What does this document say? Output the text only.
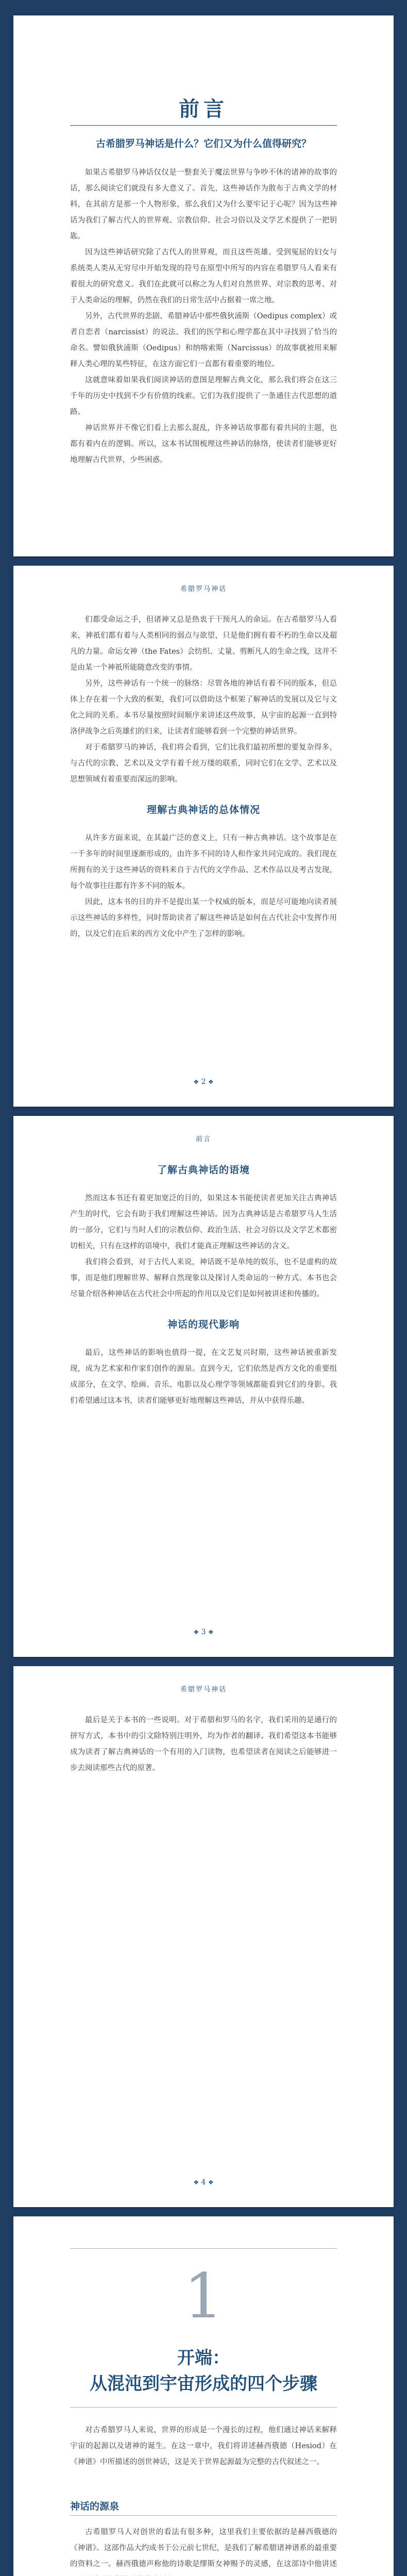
前言
古希腊罗马神话是什么？它们又为什么值得研究？

如果古希腊罗马神话仅仅是一整套关于魔法世界与争吵不休的诸神的故事的话，那么阅读它们就没有多大意义了。首先，这些神话作为散布于古典文学的材料，在其前方是那一个人物形象，那么我们又为什么要牢记于心呢？因为这些神话为我们了解古代人的世界观、宗教信仰、社会习俗以及文学艺术提供了一把钥匙。

因为这些神话研究除了古代人的世界观，而且这些英雄、受到冤屈的妇女与系统类人类从无穷尽中开始发现的符号在原型中所写的内容在希腊罗马人看来有着很大的研究意义。我们在此就可以称之为人们对自然世界、对宗教的思考、对于人类命运的理解，仍然在我们的日常生活中占据着一席之地。

另外，古代世界的悲剧、希腊神话中那些俄狄浦斯（Oedipus complex）或者自恋者（narcissist）的说法、我们的医学和心理学都在其中寻找到了恰当的命名。譬如俄狄浦斯（Oedipus）和纳喀索斯（Narcissus）的故事就被用来解释人类心理的某些特征，在这方面它们一直都有着重要的地位。

这就意味着如果我们阅读神话的意图是理解古典文化，那么我们将会在这三千年的历史中找到不少有价值的线索。它们为我们提供了一条通往古代思想的道路。

神话世界并不像它们看上去那么混乱，许多神话故事都有着共同的主题，也都有着内在的逻辑。所以，这本书试图梳理这些神话的脉络，使读者们能够更好地理解古代世界，少些困惑。

希腊罗马神话

们都受命运之手，但诸神又总是热衷于干预凡人的命运。在古希腊罗马人看来，神祇们都有着与人类相同的弱点与欲望，只是他们拥有着不朽的生命以及超凡的力量。命运女神（the Fates）会纺织、丈量、剪断凡人的生命之线，这并不是由某一个神祇所能随意改变的事情。

另外，这些神话有一个统一的脉络：尽管各地的神话有着不同的版本，但总体上存在着一个大致的框架，我们可以借助这个框架了解神话的发展以及它与文化之间的关系。本书尽量按照时间顺序来讲述这些故事，从宇宙的起源一直到特洛伊战争之后英雄们的归来，让读者们能够看到一个完整的神话世界。

对于希腊罗马的神话，我们将会看到，它们比我们最初所想的要复杂得多，与古代的宗教、艺术以及文学有着千丝万缕的联系，同时它们在文学、艺术以及思想领域有着重要而深远的影响。

理解古典神话的总体情况

从许多方面来说，在其最广泛的意义上，只有一种古典神话。这个故事是在一千多年的时间里逐渐形成的，由许多不同的诗人和作家共同完成的。我们现在所拥有的关于这些神话的资料来自于古代的文学作品、艺术作品以及考古发现，每个故事往往都有许多不同的版本。

因此，这本书的目的并不是提出某一个权威的版本，而是尽可能地向读者展示这些神话的多样性，同时帮助读者了解这些神话是如何在古代社会中发挥作用的，以及它们在后来的西方文化中产生了怎样的影响。

❖ 2 ❖
前言
了解古典神话的语境

然而这本书还有着更加宽泛的目的，如果这本书能使读者更加关注古典神话产生的时代，它会有助于我们理解这些神话。因为古典神话是古希腊罗马人生活的一部分，它们与当时人们的宗教信仰、政治生活、社会习俗以及文学艺术都密切相关，只有在这样的语境中，我们才能真正理解这些神话的含义。

我们将会看到，对于古代人来说，神话既不是单纯的娱乐，也不是虚构的故事，而是他们理解世界、解释自然现象以及探讨人类命运的一种方式。本书也会尽量介绍各种神话在古代社会中所起的作用以及它们是如何被讲述和传播的。

神话的现代影响

最后，这些神话的影响也值得一提，在文艺复兴时期，这些神话被重新发现，成为艺术家和作家们创作的源泉。直到今天，它们依然是西方文化的重要组成部分，在文学、绘画、音乐、电影以及心理学等领域都能看到它们的身影。我们希望通过这本书，读者们能够更好地理解这些神话，并从中获得乐趣。

❖ 3 ❖
希腊罗马神话

最后是关于本书的一些说明。对于希腊和罗马的名字，我们采用的是通行的拼写方式，本书中的引文除特别注明外，均为作者的翻译。我们希望这本书能够成为读者了解古典神话的一个有用的入门读物，也希望读者在阅读之后能够进一步去阅读那些古代的原著。

❖ 4 ❖
1
开端：
从混沌到宇宙形成的四个步骤

对古希腊罗马人来说，世界的形成是一个漫长的过程，他们通过神话来解释宇宙的起源以及诸神的诞生。在这一章中，我们将讲述赫西俄德（Hesiod）在《神谱》中所描述的创世神话，这是关于世界起源最为完整的古代叙述之一。

神话的源泉

古希腊罗马人对创世的看法有很多种，这里我们主要依据的是赫西俄德的《神谱》。这部作品大约成书于公元前七世纪，是我们了解希腊诸神谱系的最重要的资料之一。赫西俄德声称他的诗歌是缪斯女神赐予的灵感，在这部诗中他讲述
